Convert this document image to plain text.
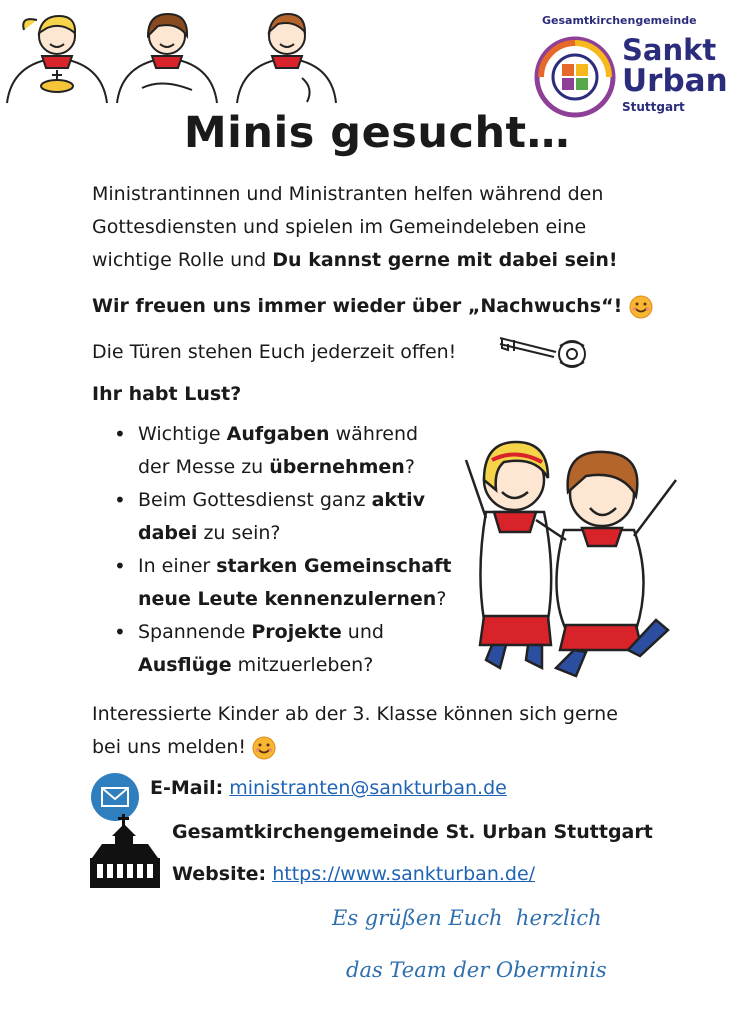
Gesamtkirchengemeinde
Sankt
Urban
Stuttgart
Minis gesucht…
Ministrantinnen und Ministranten helfen während den Gottesdiensten und spielen im Gemeindeleben eine wichtige Rolle und Du kannst gerne mit dabei sein!
Wir freuen uns immer wieder über „Nachwuchs“!
Die Türen stehen Euch jederzeit offen!
Ihr habt Lust?
• Wichtige Aufgaben während
der Messe zu übernehmen?
• Beim Gottesdienst ganz aktiv
dabei zu sein?
• In einer starken Gemeinschaft
neue Leute kennenzulernen?
• Spannende Projekte und
Ausflüge mitzuerleben?
Interessierte Kinder ab der 3. Klasse können sich gerne bei uns melden!
E-Mail: ministranten@sankturban.de
Gesamtkirchengemeinde St. Urban Stuttgart
Website: https://www.sankturban.de/
Es grüßen Euch  herzlich
das Team der Oberminis
